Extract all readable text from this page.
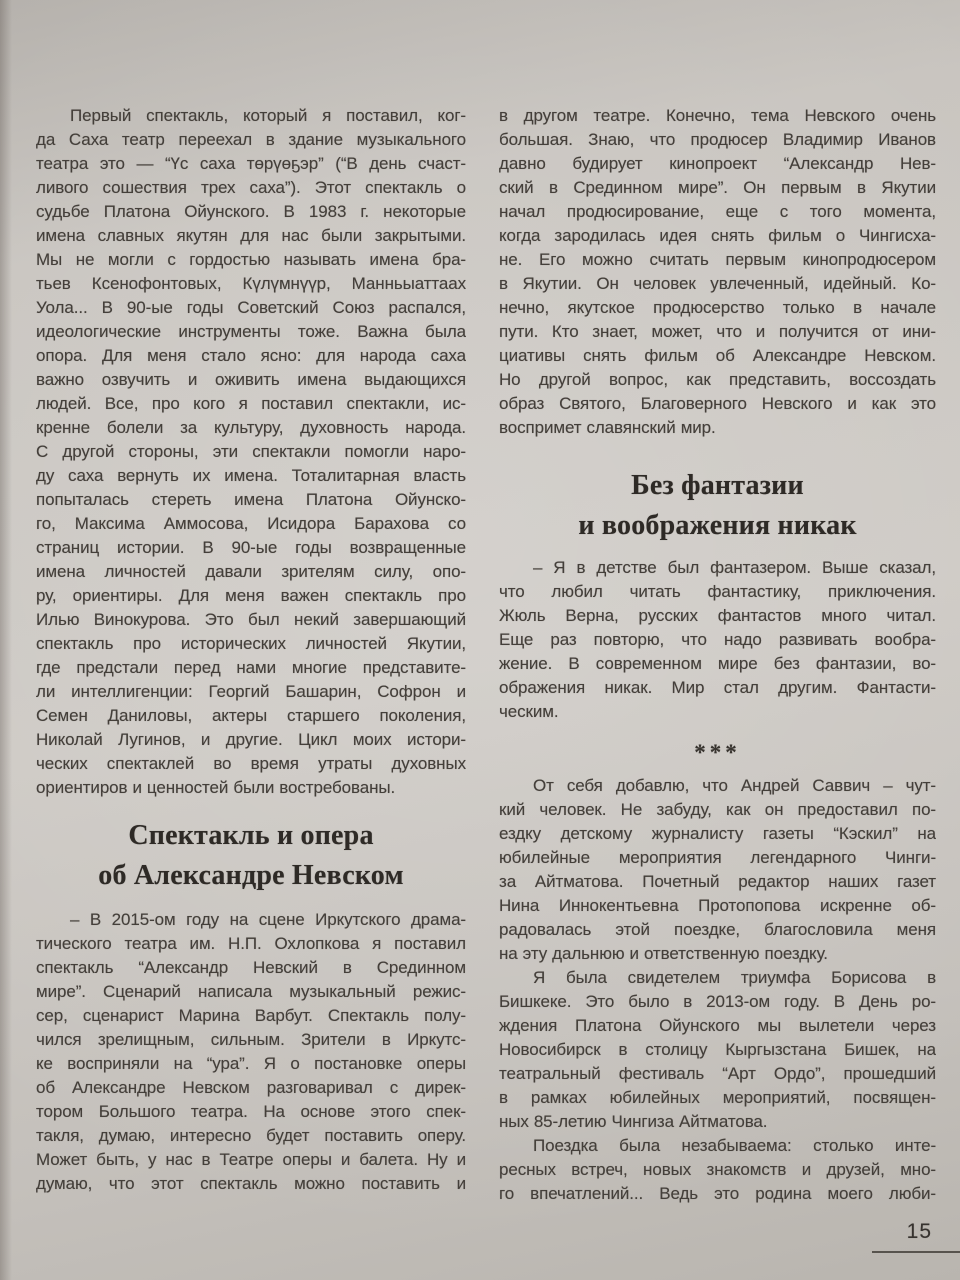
Первый спектакль, который я поставил, ког-
да Саха театр переехал в здание музыкального
театра это — “Үс саха төрүөҕэр” (“В день счаст-
ливого сошествия трех саха”). Этот спектакль о
судьбе Платона Ойунского. В 1983 г. некоторые
имена славных якутян для нас были закрытыми.
Мы не могли с гордостью называть имена бра-
тьев Ксенофонтовых, Күлүмнүүр, Манньыаттаах
Уола... В 90-ые годы Советский Союз распался,
идеологические инструменты тоже. Важна была
опора. Для меня стало ясно: для народа саха
важно озвучить и оживить имена выдающихся
людей. Все, про кого я поставил спектакли, ис-
кренне болели за культуру, духовность народа.
С другой стороны, эти спектакли помогли наро-
ду саха вернуть их имена. Тоталитарная власть
попыталась стереть имена Платона Ойунско-
го, Максима Аммосова, Исидора Барахова со
страниц истории. В 90-ые годы возвращенные
имена личностей давали зрителям силу, опо-
ру, ориентиры. Для меня важен спектакль про
Илью Винокурова. Это был некий завершающий
спектакль про исторических личностей Якутии,
где предстали перед нами многие представите-
ли интеллигенции: Георгий Башарин, Софрон и
Семен Даниловы, актеры старшего поколения,
Николай Лугинов, и другие. Цикл моих истори-
ческих спектаклей во время утраты духовных
ориентиров и ценностей были востребованы.
Спектакль и опера
об Александре Невском
– В 2015-ом году на сцене Иркутского драма-
тического театра им. Н.П. Охлопкова я поставил
спектакль “Александр Невский в Срединном
мире”. Сценарий написала музыкальный режис-
сер, сценарист Марина Варбут. Спектакль полу-
чился зрелищным, сильным. Зрители в Иркутс-
ке восприняли на “ура”. Я о постановке оперы
об Александре Невском разговаривал с дирек-
тором Большого театра. На основе этого спек-
такля, думаю, интересно будет поставить оперу.
Может быть, у нас в Театре оперы и балета. Ну и
думаю, что этот спектакль можно поставить и
в другом театре. Конечно, тема Невского очень
большая. Знаю, что продюсер Владимир Иванов
давно будирует кинопроект “Александр Нев-
ский в Срединном мире”. Он первым в Якутии
начал продюсирование, еще с того момента,
когда зародилась идея снять фильм о Чингисха-
не. Его можно считать первым кинопродюсером
в Якутии. Он человек увлеченный, идейный. Ко-
нечно, якутское продюсерство только в начале
пути. Кто знает, может, что и получится от ини-
циативы снять фильм об Александре Невском.
Но другой вопрос, как представить, воссоздать
образ Святого, Благоверного Невского и как это
воспримет славянский мир.
Без фантазии
и воображения никак
– Я в детстве был фантазером. Выше сказал,
что любил читать фантастику, приключения.
Жюль Верна, русских фантастов много читал.
Еще раз повторю, что надо развивать вообра-
жение. В современном мире без фантазии, во-
ображения никак. Мир стал другим. Фантасти-
ческим.
***
От себя добавлю, что Андрей Саввич – чут-
кий человек. Не забуду, как он предоставил по-
ездку детскому журналисту газеты “Кэскил” на
юбилейные мероприятия легендарного Чинги-
за Айтматова. Почетный редактор наших газет
Нина Иннокентьевна Протопопова искренне об-
радовалась этой поездке, благословила меня
на эту дальнюю и ответственную поездку.
Я была свидетелем триумфа Борисова в
Бишкеке. Это было в 2013-ом году. В День ро-
ждения Платона Ойунского мы вылетели через
Новосибирск в столицу Кыргызстана Бишек, на
театральный фестиваль “Арт Ордо”, прошедший
в рамках юбилейных мероприятий, посвящен-
ных 85-летию Чингиза Айтматова.
Поездка была незабываема: столько инте-
ресных встреч, новых знакомств и друзей, мно-
го впечатлений... Ведь это родина моего люби-
15
